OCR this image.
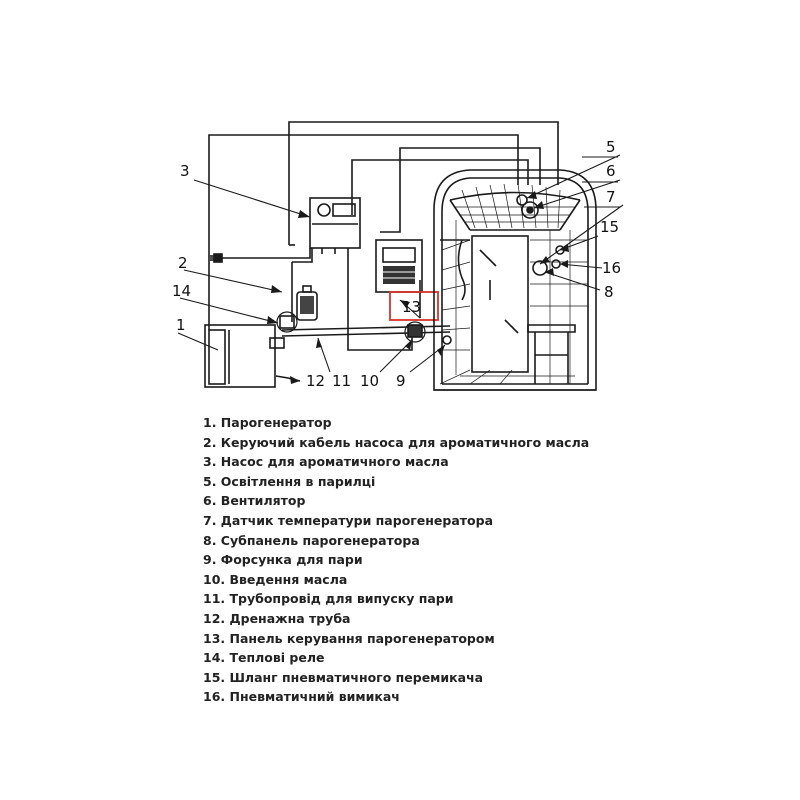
1
2
3
14
12 11 10 9
13
5
6
7
15
16
8
1. Парогенератор
2. Керуючий кабель насоса для ароматичного масла
3. Насос для ароматичного масла
5. Освітлення в парилці
6. Вентилятор
7. Датчик температури парогенератора
8. Субпанель парогенератора
9. Форсунка для пари
10. Введення масла
11. Трубопровід для випуску пари
12. Дренажна труба
13. Панель керування парогенератором
14. Теплові реле
15. Шланг пневматичного перемикача
16. Пневматичний вимикач
